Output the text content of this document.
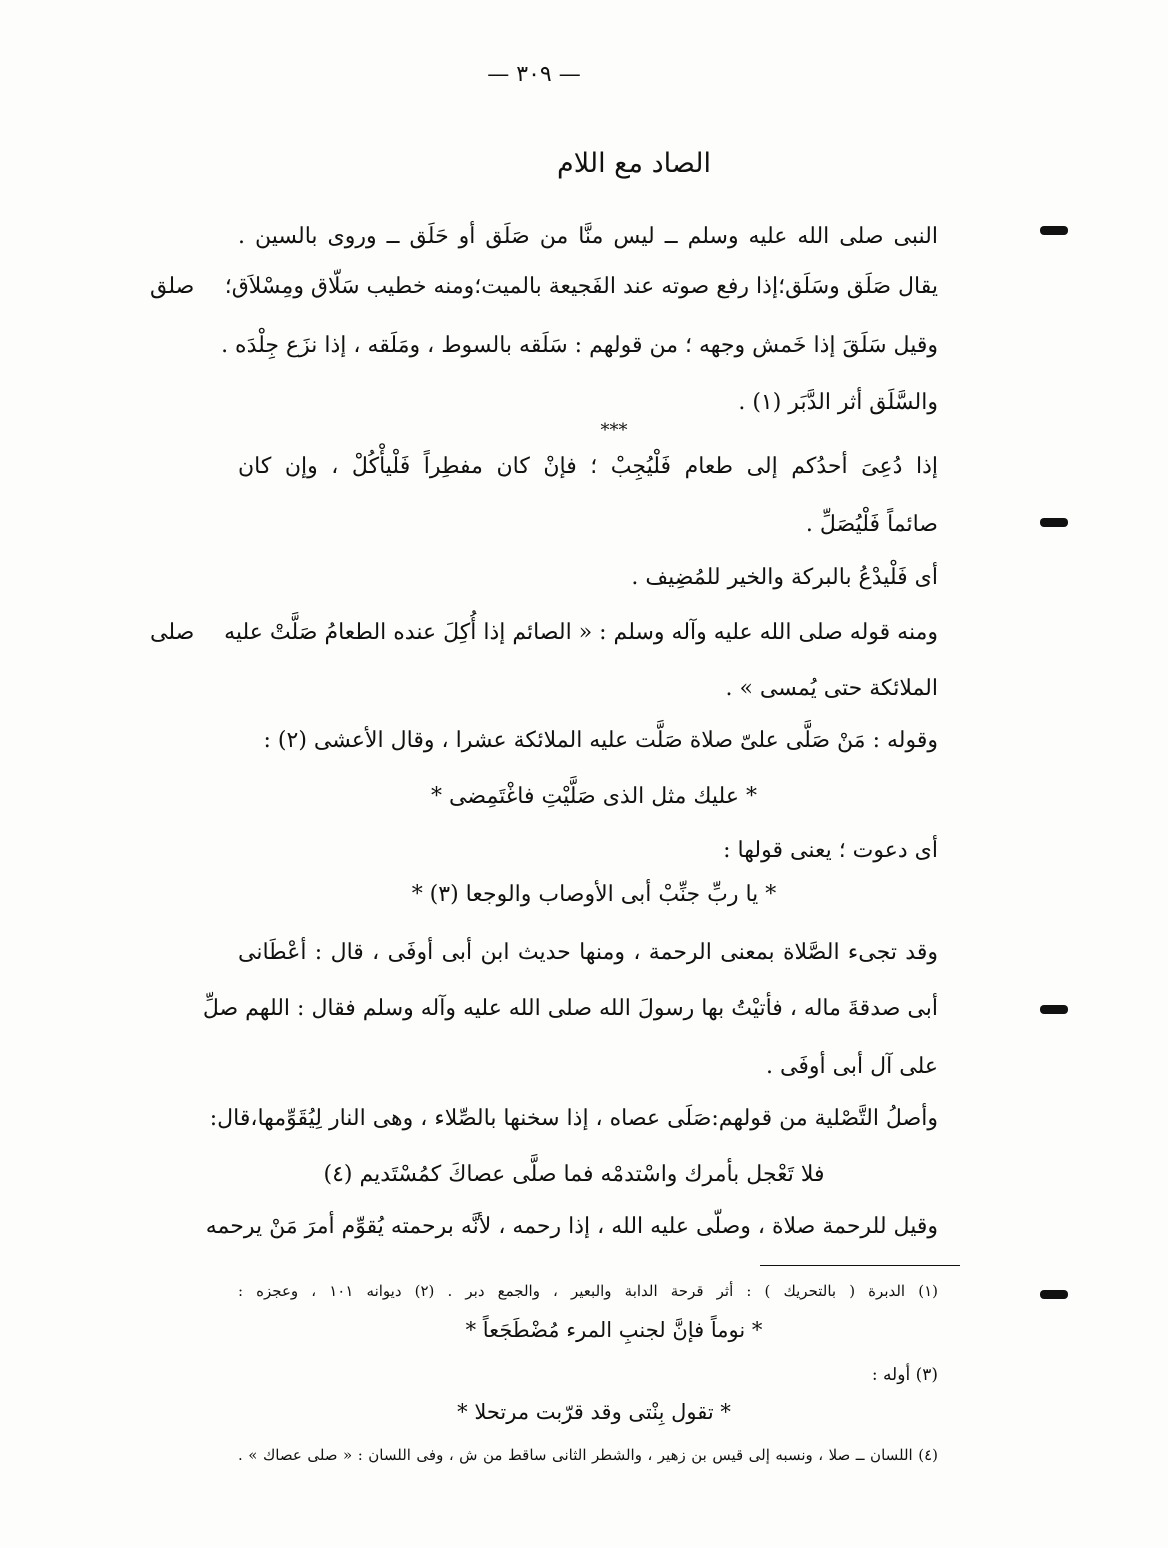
— ٣٠٩ —
الصاد مع اللام
النبى صلى الله عليه وسلم ــ ليس منَّا من صَلَق أو حَلَق ــ وروى بالسين .
يقال صَلَق وسَلَق؛إذا رفع صوته عند الفَجيعة بالميت؛ومنه خطيب سَلّاق ومِسْلاَق؛
وقيل سَلَقَ إذا خَمش وجهه ؛ من قولهم : سَلَقه بالسوط ، ومَلَقه ، إذا نزَع جِلْدَه .
والسَّلَق أثر الدَّبَر (١) .
***
إذا دُعِىَ أحدُكم إلى طعام فَلْيُجِبْ ؛ فإنْ كان مفطِراً فَلْيأْكُلْ ، وإن كان
صائماً فَلْيُصَلِّ .
أى فَلْيدْعُ بالبركة والخير للمُضِيف .
ومنه قوله صلى الله عليه وآله وسلم : « الصائم إذا أُكِلَ عنده الطعامُ صَلَّتْ عليه
الملائكة حتى يُمسى » .
وقوله : مَنْ صَلَّى علىّ صلاة صَلَّت عليه الملائكة عشرا ، وقال الأعشى (٢) :
* عليك مثل الذى صَلَّيْتِ فاغْتَمِضى *
أى دعوت ؛ يعنى قولها :
* يا ربِّ جنِّبْ أبى الأوصاب والوجعا (٣) *
وقد تجىء الصَّلاة بمعنى الرحمة ، ومنها حديث ابن أبى أوفَى ، قال : أعْطَانى
أبى صدقةَ ماله ، فأتيْتُ بها رسولَ الله صلى الله عليه وآله وسلم فقال : اللهم صلِّ
على آل أبى أوفَى .
وأصلُ التَّصْلية من قولهم:صَلَى عصاه ، إذا سخنها بالصِّلاء ، وهى النار لِيُقَوِّمها،قال:
فلا تَعْجل بأمرك واسْتدمْه فما صلَّى عصاكَ كمُسْتَديم (٤)
وقيل للرحمة صلاة ، وصلّى عليه الله ، إذا رحمه ، لأنَّه برحمته يُقوِّم أمرَ مَنْ يرحمه
(١) الدبرة ( بالتحريك ) : أثر قرحة الدابة والبعير ، والجمع دبر . (٢) ديوانه ١٠١ ، وعجزه :
* نوماً فإنَّ لجنبِ المرء مُضْطَجَعاً *
(٣) أوله :
* تقول بِنْتى وقد قرّبت مرتحلا *
(٤) اللسان ــ صلا ، ونسبه إلى قيس بن زهير ، والشطر الثانى ساقط من ش ، وفى اللسان : « صلى عصاك » .
صلق
صلى
